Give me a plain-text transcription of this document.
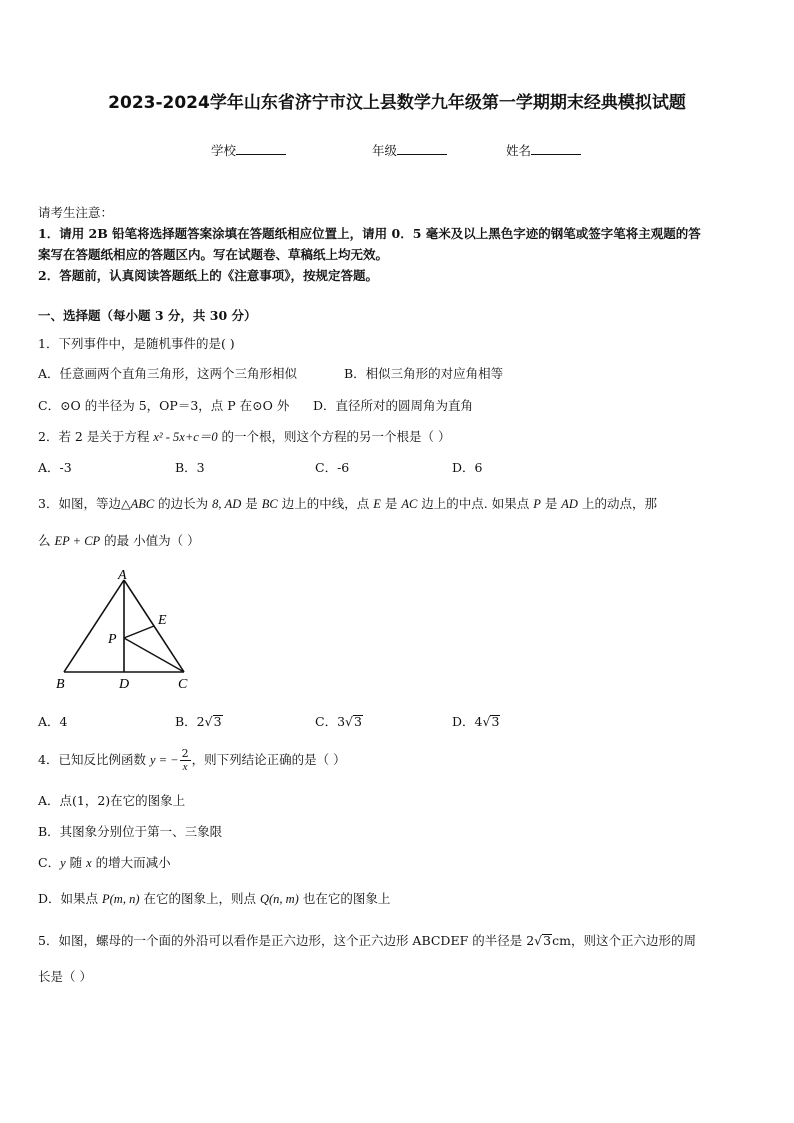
2023-2024学年山东省济宁市汶上县数学九年级第一学期期末经典模拟试题
学校	年级	姓名
请考生注意：
1．请用 2B 铅笔将选择题答案涂填在答题纸相应位置上，请用 0．5 毫米及以上黑色字迹的钢笔或签字笔将主观题的答
案写在答题纸相应的答题区内。写在试题卷、草稿纸上均无效。
2．答题前，认真阅读答题纸上的《注意事项》，按规定答题。
一、选择题（每小题 3 分，共 30 分）
1．下列事件中，是随机事件的是( )
A．任意画两个直角三角形，这两个三角形相似	B．相似三角形的对应角相等
C．⊙O 的半径为 5，OP＝3，点 P 在⊙O 外 D．直径所对的圆周角为直角
2．若 2 是关于方程 x² - 5x+c＝0 的一个根，则这个方程的另一个根是（ ）
A．-3	B．3	C．-6	D．6
3．如图，等边△ABC 的边长为 8, AD 是 BC 边上的中线，点 E 是 AC 边上的中点. 如果点 P 是 AD 上的动点，那
么 EP + CP 的最 小值为（ ）
A
B	C
D
E
P
A．4	B．2√3	C．3√3	D．4√3
4．已知反比例函数 y = − $\frac{2}{x}$ ，则下列结论正确的是（ ）
A．点(1，2)在它的图象上
B．其图象分别位于第一、三象限
C．y 随 x 的增大而减小
D．如果点 P(m, n) 在它的图象上，则点 Q(n, m) 也在它的图象上
5．如图，螺母的一个面的外沿可以看作是正六边形，这个正六边形 ABCDEF 的半径是 2√3cm，则这个正六边形的周
长是（ ）
